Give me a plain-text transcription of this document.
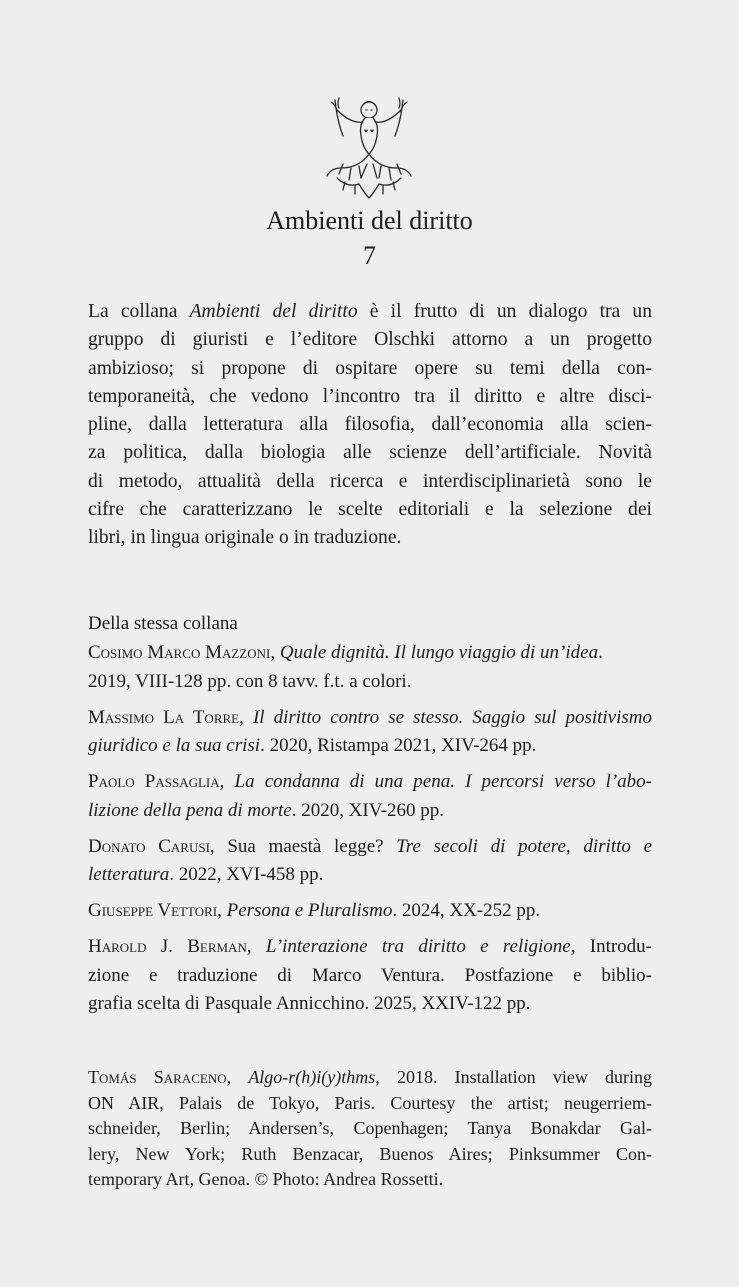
Ambienti del diritto
7
La collana Ambienti del diritto è il frutto di un dialogo tra un
gruppo di giuristi e l’editore Olschki attorno a un progetto
ambizioso; si propone di ospitare opere su temi della con-
temporaneità, che vedono l’incontro tra il diritto e altre disci-
pline, dalla letteratura alla filosofia, dall’economia alla scien-
za politica, dalla biologia alle scienze dell’artificiale. Novità
di metodo, attualità della ricerca e interdisciplinarietà sono le
cifre che caratterizzano le scelte editoriali e la selezione dei
libri, in lingua originale o in traduzione.
Della stessa collana
Cosimo Marco Mazzoni, Quale dignità. Il lungo viaggio di un’idea.
2019, VIII-128 pp. con 8 tavv. f.t. a colori.
Massimo La Torre, Il diritto contro se stesso. Saggio sul positivismo
giuridico e la sua crisi. 2020, Ristampa 2021, XIV-264 pp.
Paolo Passaglia, La condanna di una pena. I percorsi verso l’abo-
lizione della pena di morte. 2020, XIV-260 pp.
Donato Carusi, Sua maestà legge? Tre secoli di potere, diritto e
letteratura. 2022, XVI-458 pp.
Giuseppe Vettori, Persona e Pluralismo. 2024, XX-252 pp.
Harold J. Berman, L’interazione tra diritto e religione, Introdu-
zione e traduzione di Marco Ventura. Postfazione e biblio-
grafia scelta di Pasquale Annicchino. 2025, XXIV-122 pp.
Tomás Saraceno, Algo-r(h)i(y)thms, 2018. Installation view during
ON AIR, Palais de Tokyo, Paris. Courtesy the artist; neugerriem-
schneider, Berlin; Andersen’s, Copenhagen; Tanya Bonakdar Gal-
lery, New York; Ruth Benzacar, Buenos Aires; Pinksummer Con-
temporary Art, Genoa. © Photo: Andrea Rossetti.
